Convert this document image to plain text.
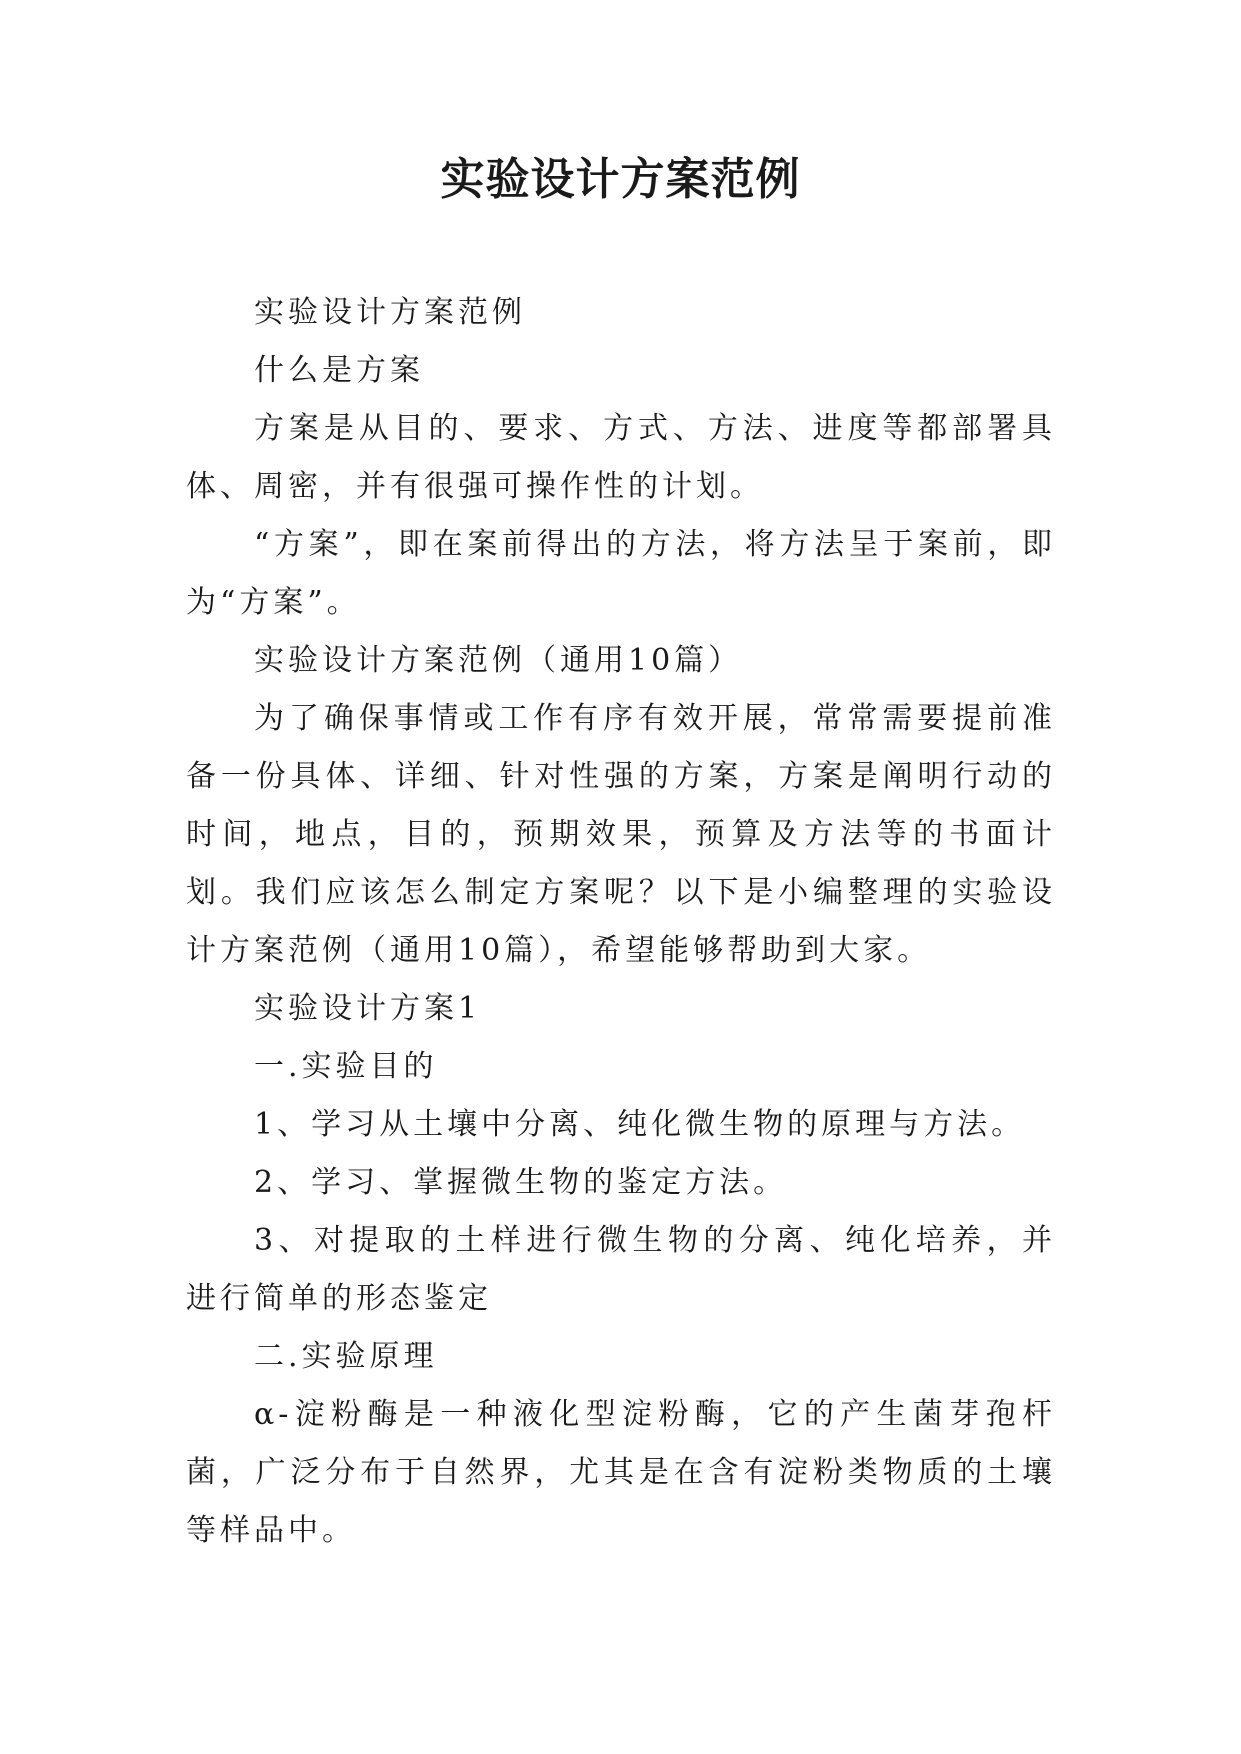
实验设计方案范例

实验设计方案范例

什么是方案

方案是从目的、要求、方式、方法、进度等都部署具体、周密，并有很强可操作性的计划。

“方案”，即在案前得出的方法，将方法呈于案前，即为“方案”。

实验设计方案范例（通用10篇）

为了确保事情或工作有序有效开展，常常需要提前准备一份具体、详细、针对性强的方案，方案是阐明行动的时间，地点，目的，预期效果，预算及方法等的书面计划。我们应该怎么制定方案呢？以下是小编整理的实验设计方案范例（通用10篇），希望能够帮助到大家。

实验设计方案1

一.实验目的

1、学习从土壤中分离、纯化微生物的原理与方法。

2、学习、掌握微生物的鉴定方法。

3、对提取的土样进行微生物的分离、纯化培养，并进行简单的形态鉴定

二.实验原理

α-淀粉酶是一种液化型淀粉酶，它的产生菌芽孢杆菌，广泛分布于自然界，尤其是在含有淀粉类物质的土壤等样品中。
